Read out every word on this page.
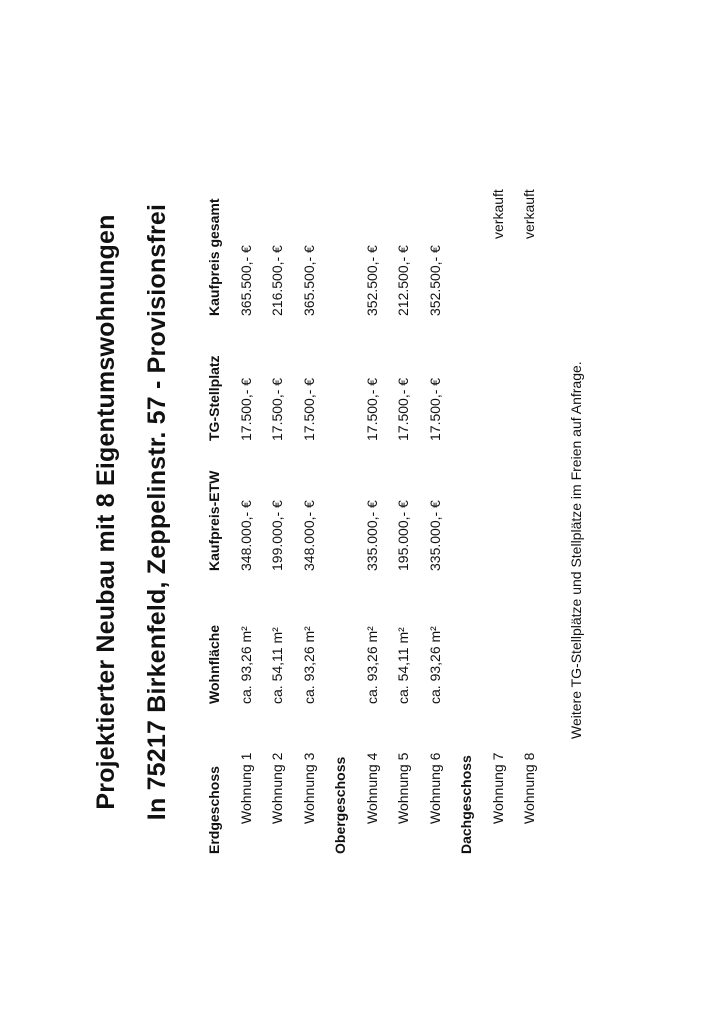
Projektierter Neubau mit 8 Eigentumswohnungen In 75217 Birkenfeld, Zeppelinstr. 57 - Provisionsfrei	Erdgeschoss
Wohnfläche
Kaufpreis-ETW
TG-Stellplatz
Kaufpreis gesamt
Wohnung 1
ca. 93,26 m²
348.000,- €
17.500,- €
365.500,- €
Wohnung 2
ca. 54,11 m²
199.000,- €
17.500,- €
216.500,- €
Wohnung 3
ca. 93,26 m²
348.000,- €
17.500,- €
365.500,- €
Obergeschoss Wohnung 4
ca. 93,26 m²
335.000,- €
17.500,- €
352.500,- €
Wohnung 5
ca. 54,11 m²
195.000,- €
17.500,- €
212.500,- €
Wohnung 6
ca. 93,26 m²
335.000,- €
17.500,- €
352.500,- €
Dachgeschoss Wohnung 7
verkauft
Wohnung 8
verkauft
Weitere TG-Stellplätze und Stellplätze im Freien auf Anfrage.
